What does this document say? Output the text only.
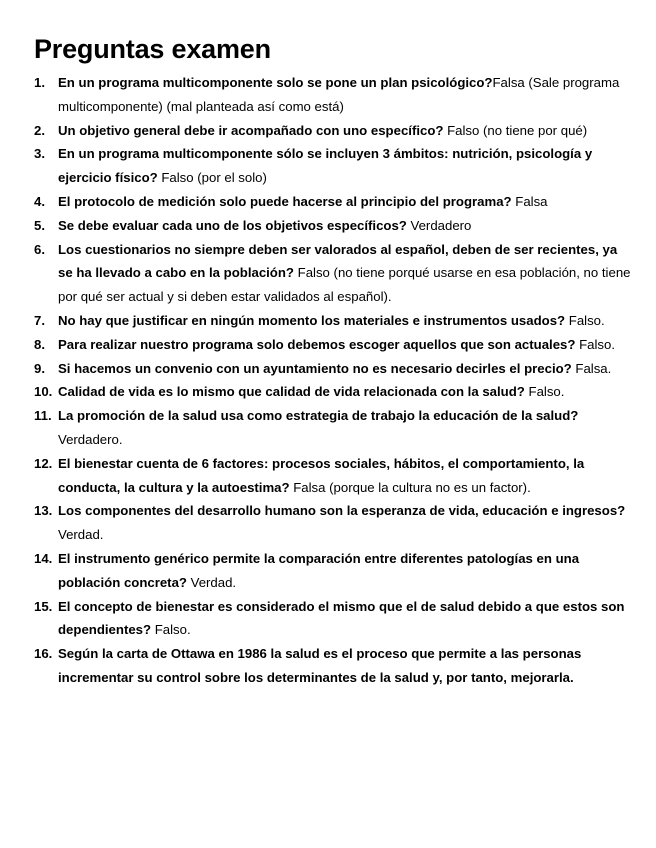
Preguntas examen
1. En un programa multicomponente solo se pone un plan psicológico?Falsa (Sale programa multicomponente) (mal planteada así como está)
2. Un objetivo general debe ir acompañado con uno específico? Falso (no tiene por qué)
3. En un programa multicomponente sólo se incluyen 3 ámbitos: nutrición, psicología y ejercicio físico? Falso (por el solo)
4. El protocolo de medición solo puede hacerse al principio del programa? Falsa
5. Se debe evaluar cada uno de los objetivos específicos? Verdadero
6. Los cuestionarios no siempre deben ser valorados al español, deben de ser recientes, ya se ha llevado a cabo en la población? Falso (no tiene porqué usarse en esa población, no tiene por qué ser actual y si deben estar validados al español).
7. No hay que justificar en ningún momento los materiales e instrumentos usados? Falso.
8. Para realizar nuestro programa solo debemos escoger aquellos que son actuales? Falso.
9. Si hacemos un convenio con un ayuntamiento no es necesario decirles el precio? Falsa.
10. Calidad de vida es lo mismo que calidad de vida relacionada con la salud? Falso.
11. La promoción de la salud usa como estrategia de trabajo la educación de la salud? Verdadero.
12. El bienestar cuenta de 6 factores: procesos sociales, hábitos, el comportamiento, la conducta, la cultura y la autoestima? Falsa (porque la cultura no es un factor).
13. Los componentes del desarrollo humano son la esperanza de vida, educación e ingresos? Verdad.
14. El instrumento genérico permite la comparación entre diferentes patologías en una población concreta? Verdad.
15. El concepto de bienestar es considerado el mismo que el de salud debido a que estos son dependientes? Falso.
16. Según la carta de Ottawa en 1986 la salud es el proceso que permite a las personas incrementar su control sobre los determinantes de la salud y, por tanto, mejorarla.
